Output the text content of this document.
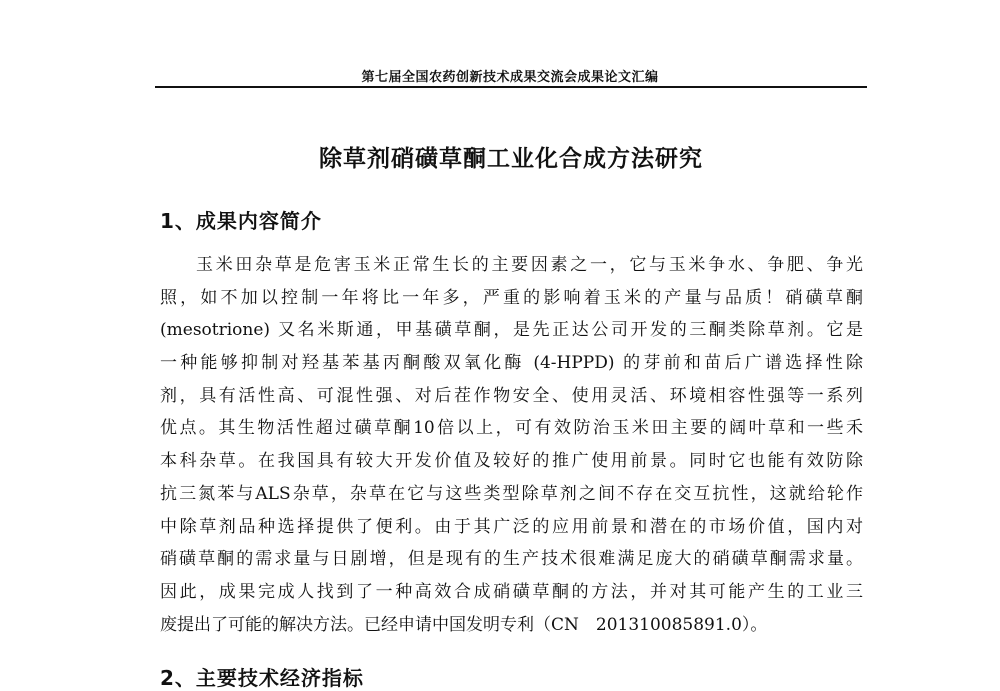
第七届全国农药创新技术成果交流会成果论文汇编
除草剂硝磺草酮工业化合成方法研究
1、成果内容简介
玉米田杂草是危害玉米正常生长的主要因素之一，它与玉米争水、争肥、争光
照，如不加以控制一年将比一年多，严重的影响着玉米的产量与品质！硝磺草酮
(mesotrione) 又名米斯通，甲基磺草酮，是先正达公司开发的三酮类除草剂。它是
一种能够抑制对羟基苯基丙酮酸双氧化酶 (4-HPPD) 的芽前和苗后广谱选择性除
剂，具有活性高、可混性强、对后茬作物安全、使用灵活、环境相容性强等一系列
优点。其生物活性超过磺草酮10倍以上，可有效防治玉米田主要的阔叶草和一些禾
本科杂草。在我国具有较大开发价值及较好的推广使用前景。同时它也能有效防除
抗三氮苯与ALS杂草，杂草在它与这些类型除草剂之间不存在交互抗性，这就给轮作
中除草剂品种选择提供了便利。由于其广泛的应用前景和潜在的市场价值，国内对
硝磺草酮的需求量与日剧增，但是现有的生产技术很难满足庞大的硝磺草酮需求量。
因此，成果完成人找到了一种高效合成硝磺草酮的方法，并对其可能产生的工业三
废提出了可能的解决方法。已经申请中国发明专利（CN　201310085891.0）。
2、主要技术经济指标
